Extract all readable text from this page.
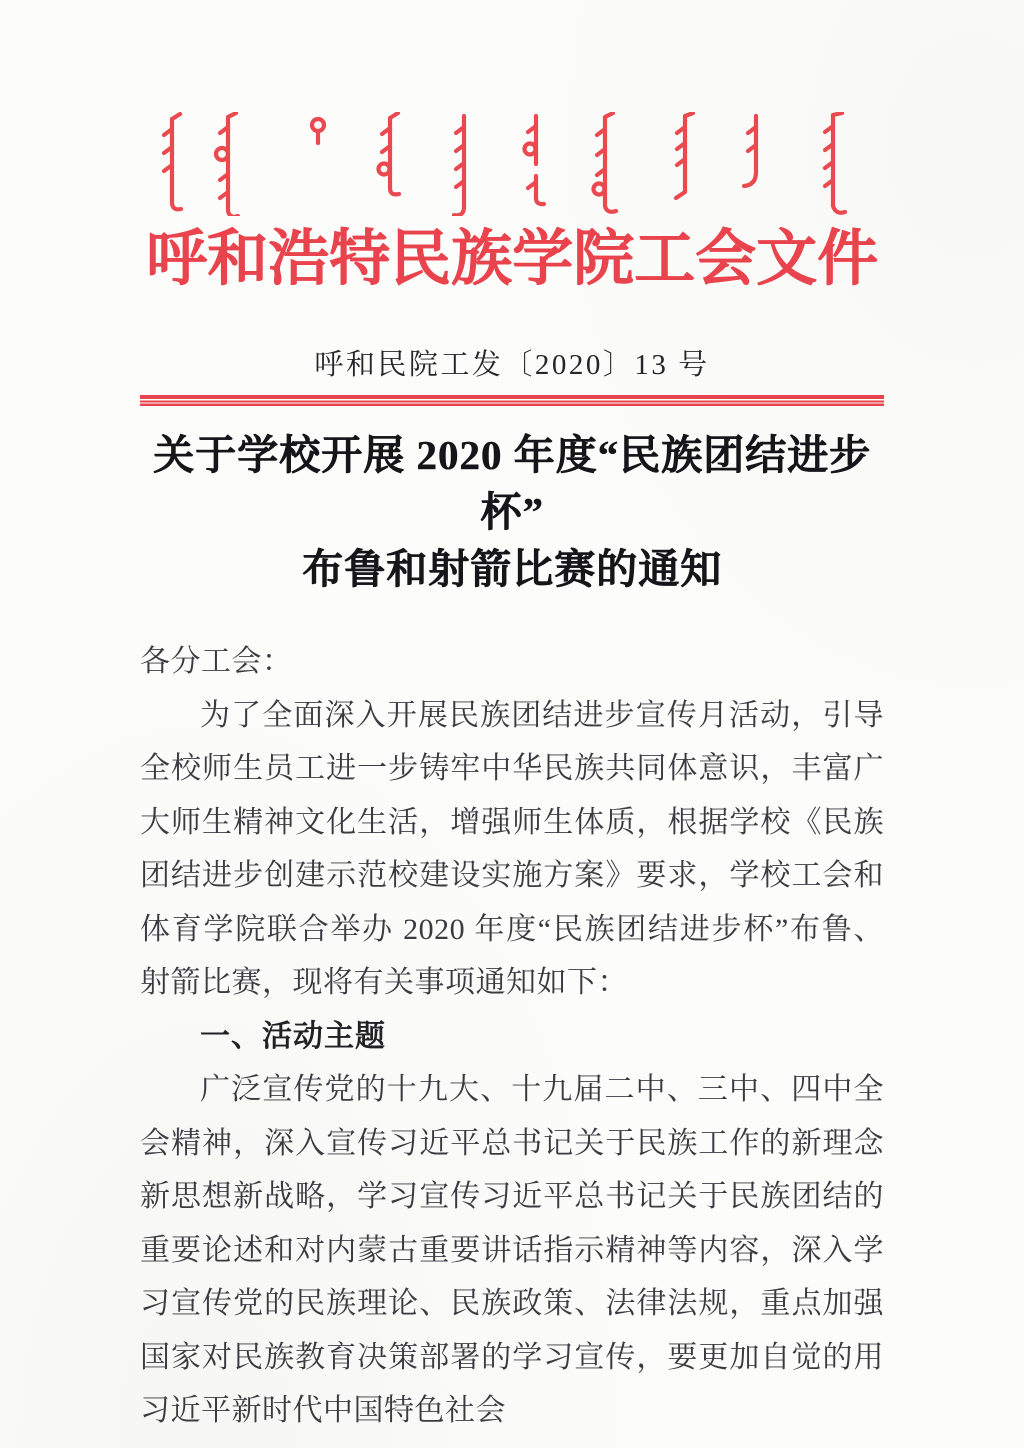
呼和浩特民族学院工会文件
呼和民院工发〔2020〕13 号
关于学校开展 2020 年度“民族团结进步杯”
布鲁和射箭比赛的通知

各分工会：

为了全面深入开展民族团结进步宣传月活动，引导全校师生员工进一步铸牢中华民族共同体意识，丰富广大师生精神文化生活，增强师生体质，根据学校《民族团结进步创建示范校建设实施方案》要求，学校工会和体育学院联合举办 2020 年度“民族团结进步杯”布鲁、射箭比赛，现将有关事项通知如下：

一、活动主题

广泛宣传党的十九大、十九届二中、三中、四中全会精神，深入宣传习近平总书记关于民族工作的新理念新思想新战略，学习宣传习近平总书记关于民族团结的重要论述和对内蒙古重要讲话指示精神等内容，深入学习宣传党的民族理论、民族政策、法律法规，重点加强国家对民族教育决策部署的学习宣传，要更加自觉的用习近平新时代中国特色社会
